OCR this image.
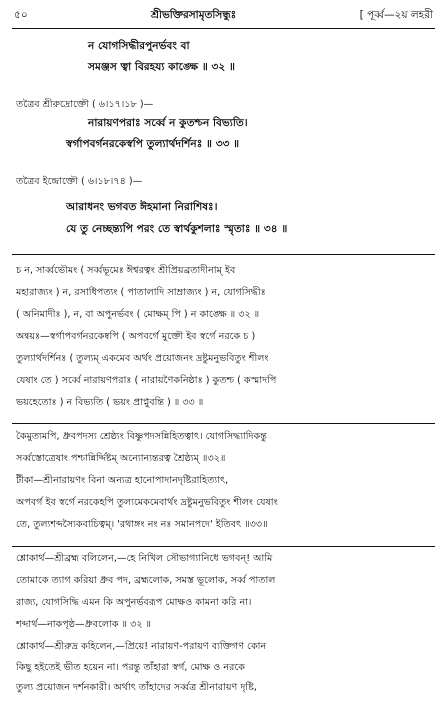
৫০	শ্রীভক্তিরসামৃতসিন্ধুঃ	[ পূর্ব্ব—২য় লহরী
ন যোগসিদ্ধীরপুনর্ভবং বা
সমঞ্জস ত্বা বিরহয্য কাঙ্ক্ষে ॥ ৩২ ॥
তত্রৈব শ্রীরুদ্রোক্তৌ ( ৬।১৭।১৮ )—
নারায়ণপরাঃ সর্ব্বে ন কুতশ্চন বিভ্যতি।
স্বর্গাপবর্গনরকেস্বপি তুল্যার্থদর্শিনঃ ॥ ৩৩ ॥
তত্রৈব ইন্দ্রোক্তৌ ( ৬।১৮।৭৪ )—
আরাধনং ভগবত ঈহমানা নিরাশিষঃ।
যে তু নেচ্ছন্ত্যপি পরং তে স্বার্থকুশলাঃ স্মৃতাঃ ॥ ৩৪ ॥
চ ন, সার্ব্বভৌমং ( সর্ব্বভূমেঃ ঈশ্বরত্বং শ্রীপ্রিয়ব্রতাদীনাম্ ইব
মহারাজ্যং ) ন, রসাধিপত্যং ( পাতালাদি সাম্রাজ্যং ) ন, যোগসিদ্ধীঃ
( অনিমাদীঃ ), ন, বা অপুনর্ভবং ( মোক্ষম্ পি ) ন কাঙ্ক্ষে ॥ ৩২ ॥
অন্বয়ঃ—স্বর্গাপবর্গনরকেষ্বপি ( অপবর্গে মুক্তৌ ইব স্বর্গে নরকে চ )
তুল্যার্থদর্শিনঃ ( তুল্যম্ একমেব অর্থং প্রয়োজনং দ্রষ্টুমনুভবিতুং শীলং
যেষাং তে ) সর্ব্বে নারায়ণপরাঃ ( নারায়ণৈকনিষ্ঠাঃ ) কুতশ্চ ( কস্মাদপি
ভয়হেতোঃ ) ন বিভ্যতি ( ভয়ং প্রাপ্নুবন্তি ) ॥ ৩৩ ॥
কৈমুত্যমপি, ধ্রুবপদস্য শ্রেষ্ঠ্যং বিষ্ণুপদসন্নিহিতত্বাৎ। যোগসিদ্ধ্যাদিকন্তু
সর্ব্বস্তোত্রেষাং পশ্চান্নির্দ্দিষ্টম্ অন্যোন্যন্তরত্ব শ্রৈষ্ঠ্যম্ ॥৩২॥
টীকা—শ্রীনারায়ণং বিনা অন্যত্র হানোপাদানদৃষ্টিরাহিত্যাৎ,
অপবর্গ ইব স্বর্গে নরকেহপি তুল্যমেকমেবার্থং দ্রষ্টুমনুভবিতুং শীলং যেষাং
তে, তুল্যশব্দস্যৈকবাচিত্বম্। 'রথাঙ্গং নং নঃ সমানপদে' ইতিবৎ ॥৩৩॥
শ্লোকার্থ—শ্রীব্রহ্ম বলিলেন,—হে নিখিল সৌভাগ্যানিধে ভগবন্! আমি
তোমাকে ত্যাগ করিয়া ধ্রুব পদ, ব্রহ্মলোক, সমস্ত ভূলোক, সর্ব্ব পাতাল
রাজ্য, যোগসিদ্ধি এমন কি অপুনর্ভবরূপ মোক্ষও কামনা করি না।
শব্দার্থ—নাকপৃষ্ঠ—ধ্রুবলোক ॥ ৩২ ॥
শ্লোকার্থ—শ্রীরুদ্র কহিলেন,—প্রিয়ে! নারায়ণ-পরায়ণ ব্যক্তিগণ কোন
কিছু হইতেই ভীত হয়েন না। পরন্তু তাঁহারা স্বর্গ, মোক্ষ ও নরকে
তুল্য প্রয়োজন দর্শনকারী। অর্থাৎ তাঁহাদের সর্ব্বত্র শ্রীনারায়ণ দৃষ্টি,
